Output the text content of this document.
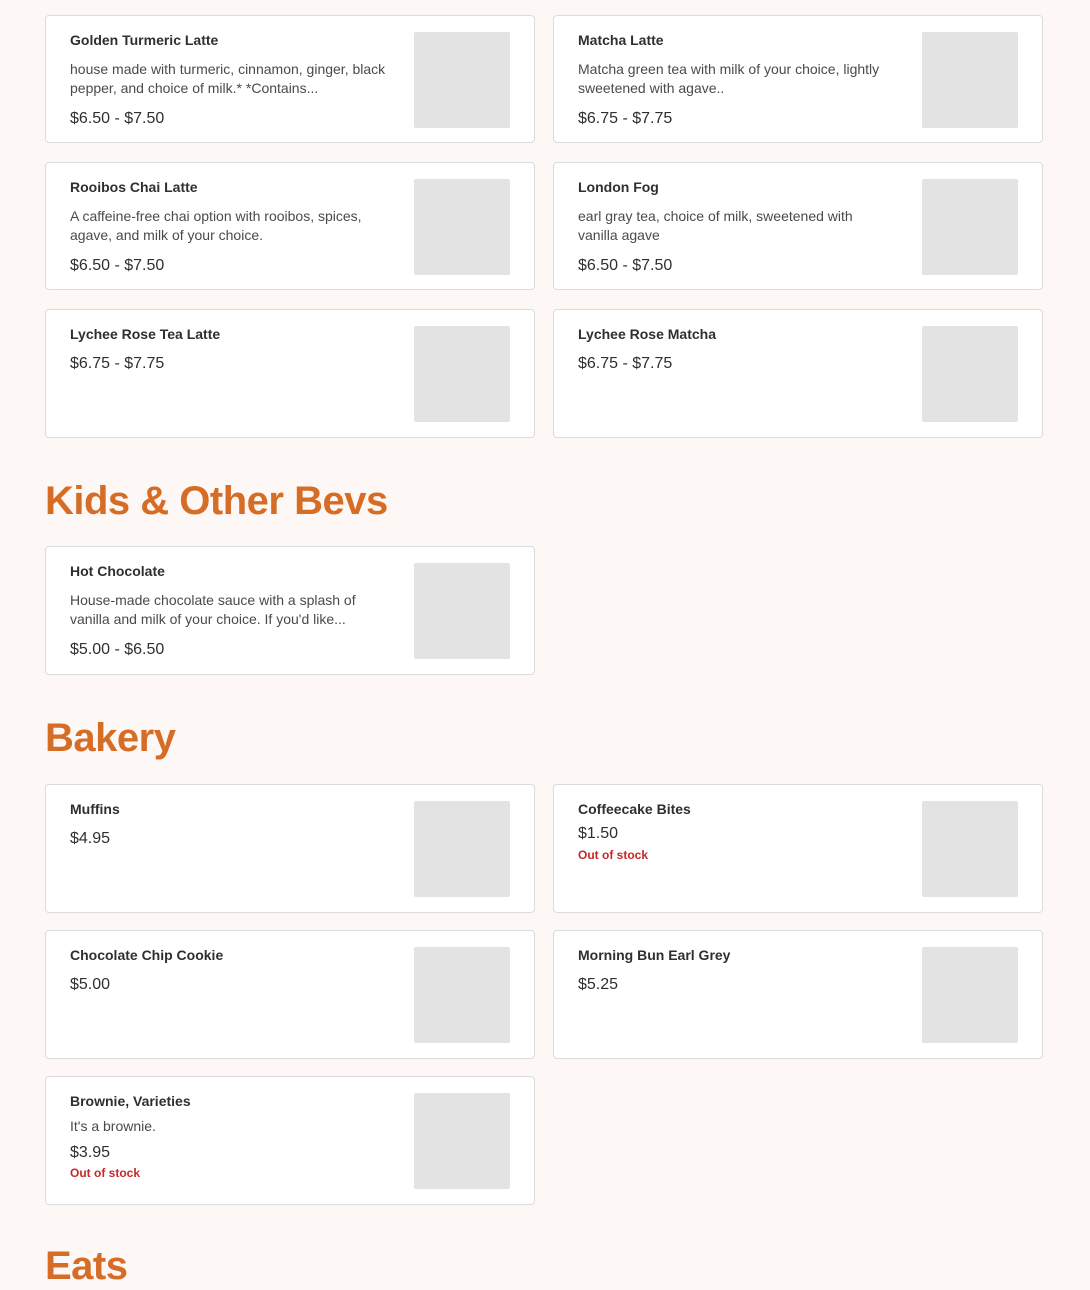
Golden Turmeric Latte
house made with turmeric, cinnamon, ginger, black pepper, and choice of milk.* *Contains...
$6.50 - $7.50
Matcha Latte
Matcha green tea with milk of your choice, lightly sweetened with agave..
$6.75 - $7.75
Rooibos Chai Latte
A caffeine-free chai option with rooibos, spices, agave, and milk of your choice.
$6.50 - $7.50
London Fog
earl gray tea, choice of milk, sweetened with vanilla agave
$6.50 - $7.50
Lychee Rose Tea Latte
$6.75 - $7.75
Lychee Rose Matcha
$6.75 - $7.75
Kids & Other Bevs
Hot Chocolate
House-made chocolate sauce with a splash of vanilla and milk of your choice. If you'd like...
$5.00 - $6.50
Bakery
Muffins
$4.95
Coffeecake Bites
$1.50
Out of stock
Chocolate Chip Cookie
$5.00
Morning Bun Earl Grey
$5.25
Brownie, Varieties
It's a brownie.
$3.95
Out of stock
Eats
